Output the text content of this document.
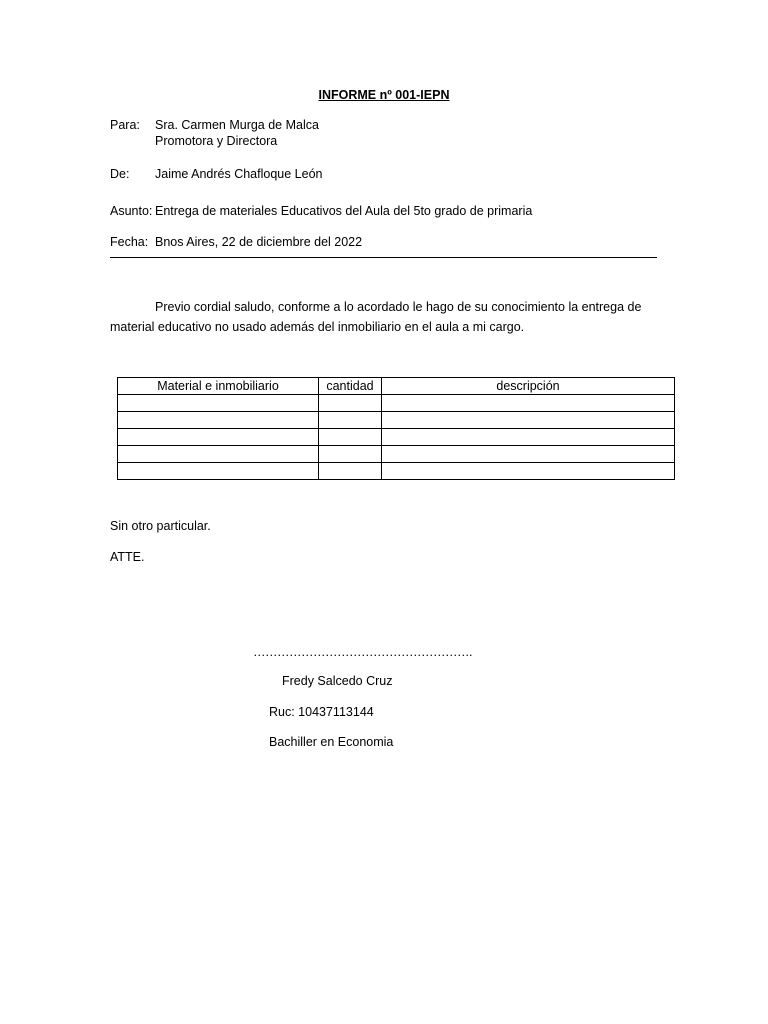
INFORME nº 001-IEPN
Para: Sra. Carmen Murga de Malca
Promotora y Directora
De: Jaime Andrés Chafloque León
Asunto: Entrega de materiales Educativos del Aula del 5to grado de primaria
Fecha: Bnos Aires, 22 de diciembre del 2022
Previo cordial saludo, conforme a lo acordado le hago de su conocimiento la entrega de material educativo no usado además del inmobiliario en el aula a mi cargo.
Material e inmobiliario	cantidad	descripción

Sin otro particular.
ATTE.
……………………………………………….
Fredy Salcedo Cruz
Ruc: 10437113144
Bachiller en Economia
